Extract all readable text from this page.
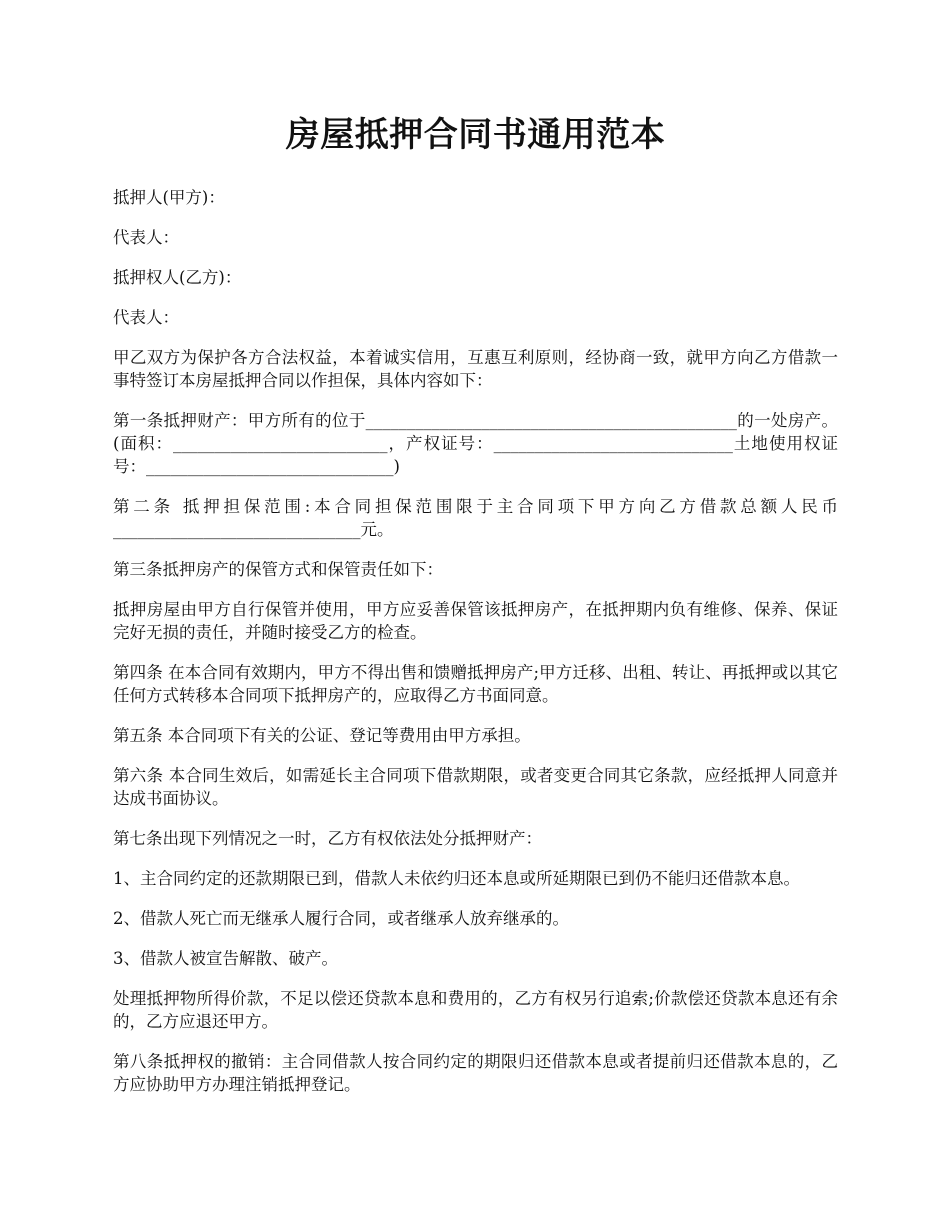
房屋抵押合同书通用范本

抵押人(甲方)：

代表人：

抵押权人(乙方)：

代表人：

甲乙双方为保护各方合法权益，本着诚实信用，互惠互利原则，经协商一致，就甲方向乙方借款一事特签订本房屋抵押合同以作担保，具体内容如下：

第一条抵押财产：甲方所有的位于_____________________________________________的一处房产。(面积：__________________________，产权证号：_____________________________土地使用权证号：______________________________)

第二条 抵押担保范围:本合同担保范围限于主合同项下甲方向乙方借款总额人民币______________________________元。

第三条抵押房产的保管方式和保管责任如下：

抵押房屋由甲方自行保管并使用，甲方应妥善保管该抵押房产，在抵押期内负有维修、保养、保证完好无损的责任，并随时接受乙方的检查。

第四条 在本合同有效期内，甲方不得出售和馈赠抵押房产;甲方迁移、出租、转让、再抵押或以其它任何方式转移本合同项下抵押房产的，应取得乙方书面同意。

第五条 本合同项下有关的公证、登记等费用由甲方承担。

第六条 本合同生效后，如需延长主合同项下借款期限，或者变更合同其它条款，应经抵押人同意并达成书面协议。

第七条出现下列情况之一时，乙方有权依法处分抵押财产：

1、主合同约定的还款期限已到，借款人未依约归还本息或所延期限已到仍不能归还借款本息。

2、借款人死亡而无继承人履行合同，或者继承人放弃继承的。

3、借款人被宣告解散、破产。

处理抵押物所得价款，不足以偿还贷款本息和费用的，乙方有权另行追索;价款偿还贷款本息还有余的，乙方应退还甲方。

第八条抵押权的撤销：主合同借款人按合同约定的期限归还借款本息或者提前归还借款本息的，乙方应协助甲方办理注销抵押登记。
